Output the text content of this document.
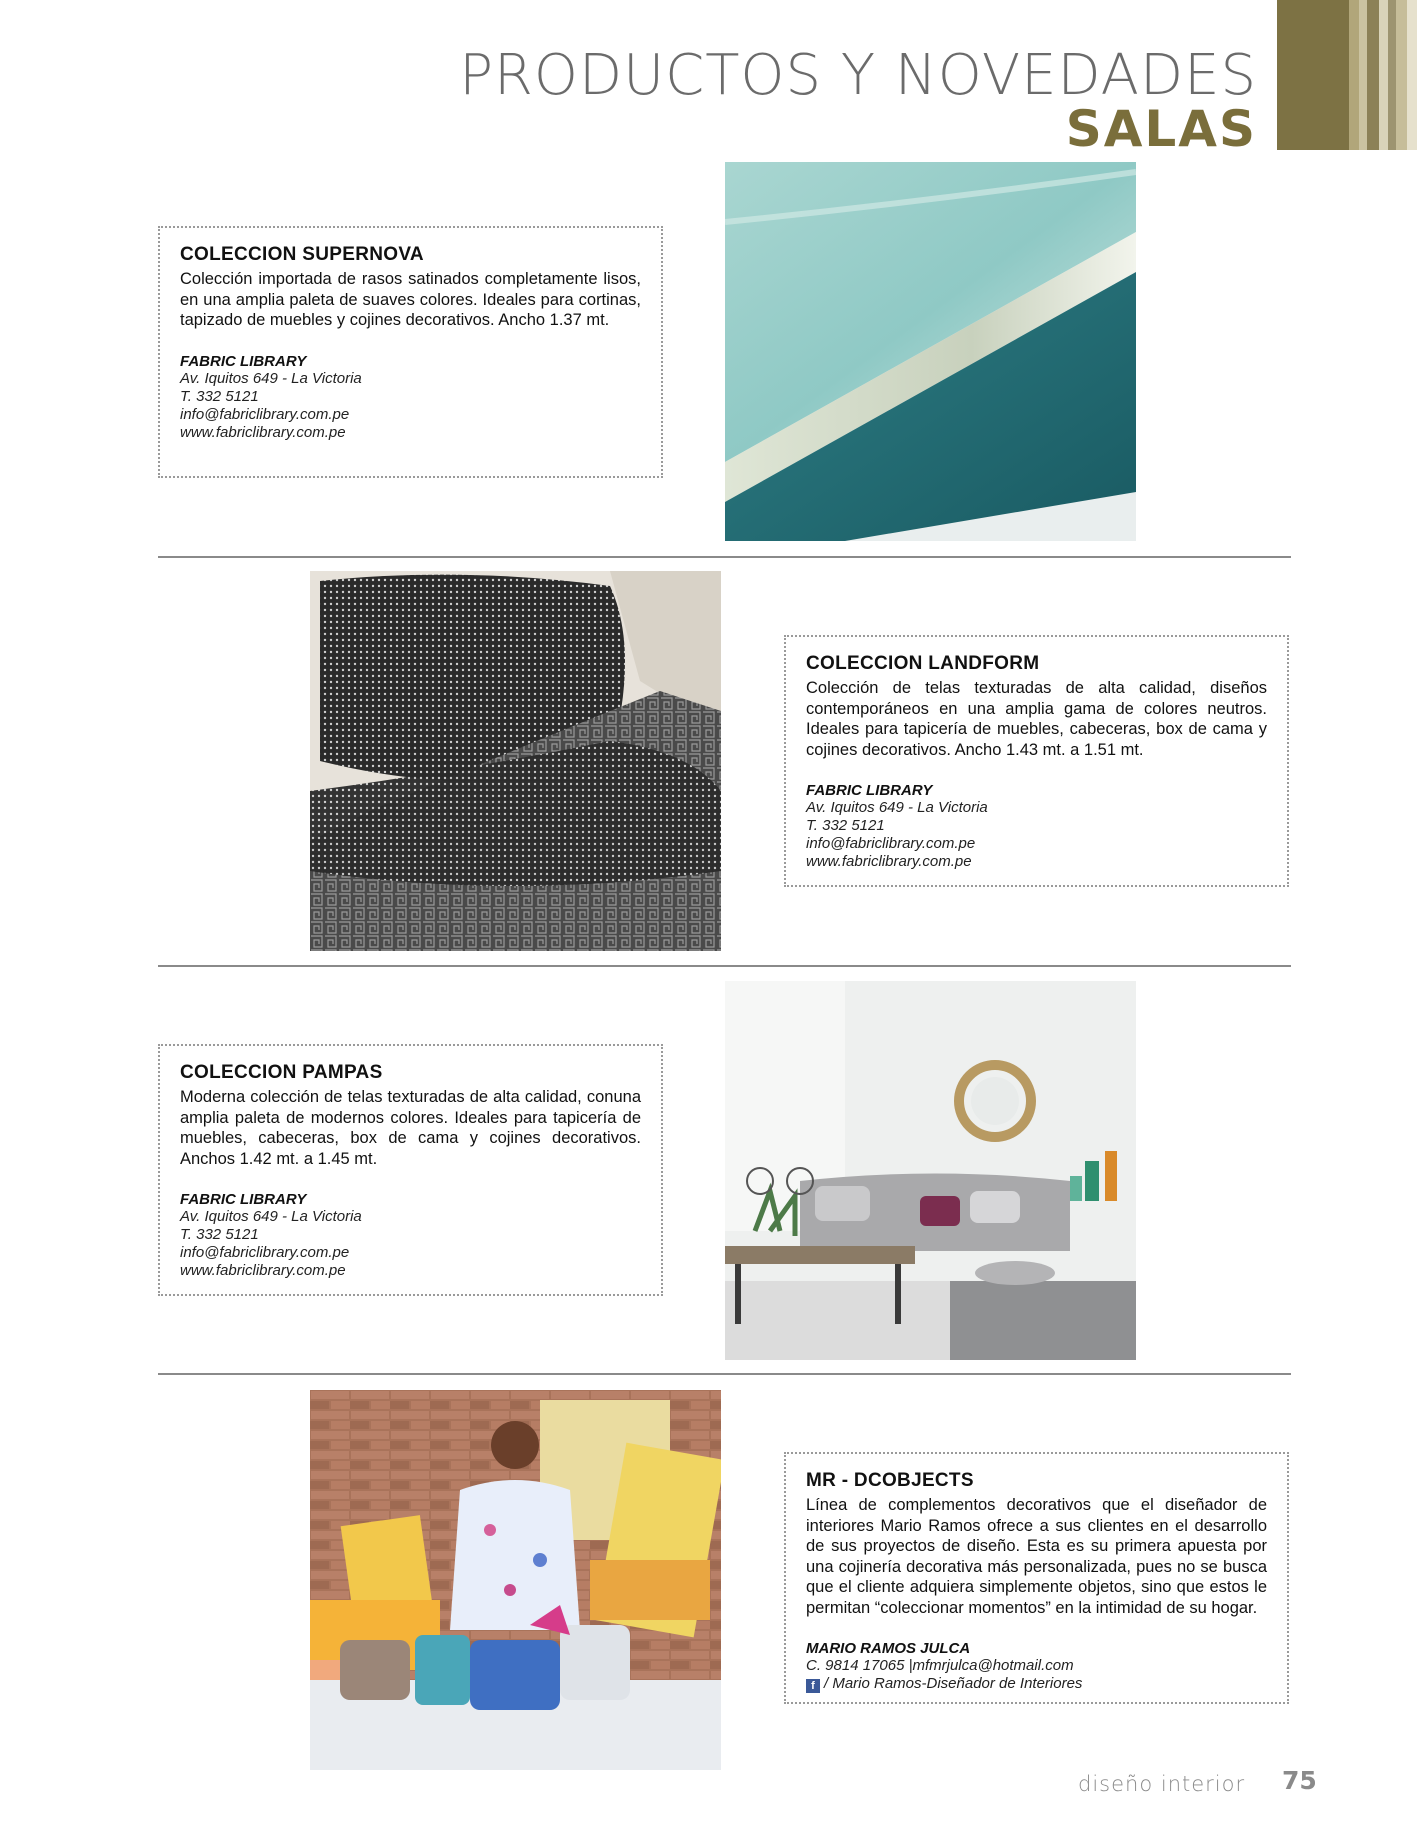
PRODUCTOS Y NOVEDADES
SALAS
COLECCION SUPERNOVA

Colección importada de rasos satinados completamente lisos, en una amplia paleta de suaves colores. Ideales para cortinas, tapizado de muebles y cojines decorativos. Ancho 1.37 mt.

FABRIC LIBRARY
Av. Iquitos 649 - La Victoria
T. 332 5121
info@fabriclibrary.com.pe
www.fabriclibrary.com.pe
COLECCION LANDFORM

Colección de telas texturadas de alta calidad, diseños contemporáneos en una amplia gama de colores neutros. Ideales para tapicería de muebles, cabeceras, box de cama y cojines decorativos. Ancho 1.43 mt. a 1.51 mt.

FABRIC LIBRARY
Av. Iquitos 649 - La Victoria
T. 332 5121
info@fabriclibrary.com.pe
www.fabriclibrary.com.pe
COLECCION PAMPAS

Moderna colección de telas texturadas de alta calidad, conuna amplia paleta de modernos colores. Ideales para tapicería de muebles, cabeceras, box de cama y cojines decorativos. Anchos 1.42 mt. a 1.45 mt.

FABRIC LIBRARY
Av. Iquitos 649 - La Victoria
T. 332 5121
info@fabriclibrary.com.pe
www.fabriclibrary.com.pe
MR - DCOBJECTS

Línea de complementos decorativos que el diseñador de interiores Mario Ramos ofrece a sus clientes en el desarrollo de sus proyectos de diseño. Esta es su primera apuesta por una cojinería decorativa más personalizada, pues no se busca que el cliente adquiera simplemente objetos, sino que estos le permitan “coleccionar momentos” en la intimidad de su hogar.

MARIO RAMOS JULCA
C. 9814 17065 |mfmrjulca@hotmail.com
f / Mario Ramos-Diseñador de Interiores
diseño interior 75
